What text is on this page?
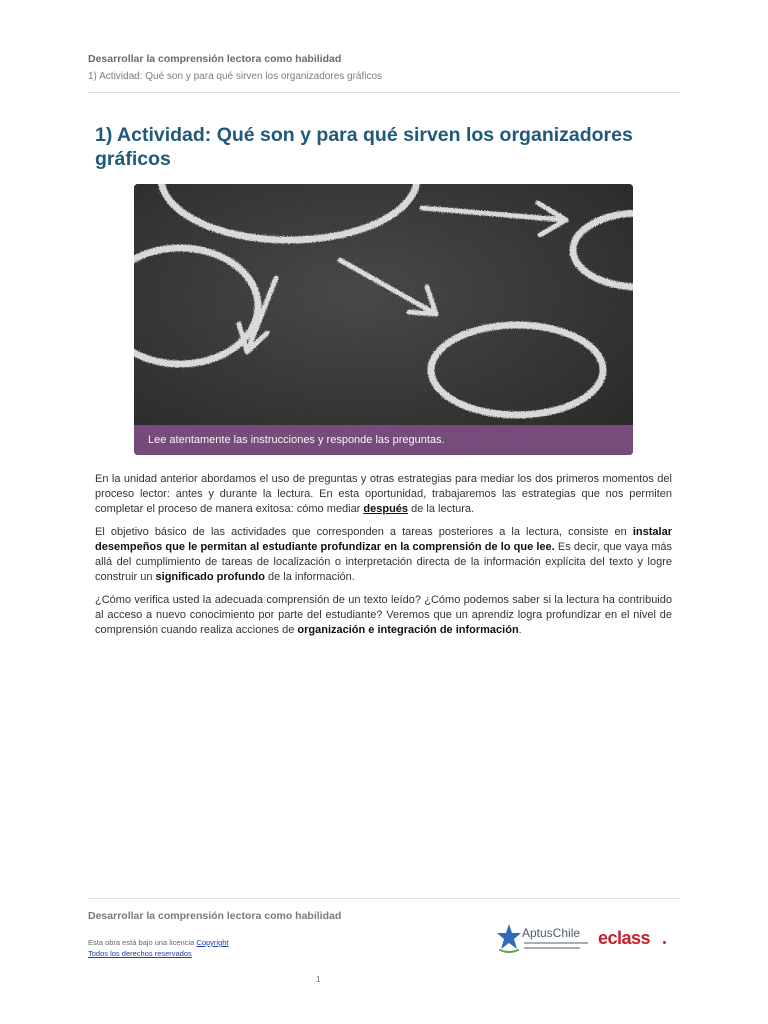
Desarrollar la comprensión lectora como habilidad
1) Actividad: Qué son y para qué sirven los organizadores gráficos
1) Actividad: Qué son y para qué sirven los organizadores gráficos
Lee atentamente las instrucciones y responde las preguntas.

En la unidad anterior abordamos el uso de preguntas y otras estrategias para mediar los dos primeros momentos del proceso lector: antes y durante la lectura. En esta oportunidad, trabajaremos las estrategias que nos permiten completar el proceso de manera exitosa: cómo mediar después de la lectura.

El objetivo básico de las actividades que corresponden a tareas posteriores a la lectura, consiste en instalar desempeños que le permitan al estudiante profundizar en la comprensión de lo que lee. Es decir, que vaya más allá del cumplimiento de tareas de localización o interpretación directa de la información explícita del texto y logre construir un significado profundo de la información.

¿Cómo verifica usted la adecuada comprensión de un texto leído? ¿Cómo podemos saber si la lectura ha contribuido al acceso a nuevo conocimiento por parte del estudiante? Veremos que un aprendiz logra profundizar en el nivel de comprensión cuando realiza acciones de organización e integración de información.

Desarrollar la comprensión lectora como habilidad
Esta obra está bajo una licencia Copyright
Todos los derechos reservados
AptusChile eclass
1
